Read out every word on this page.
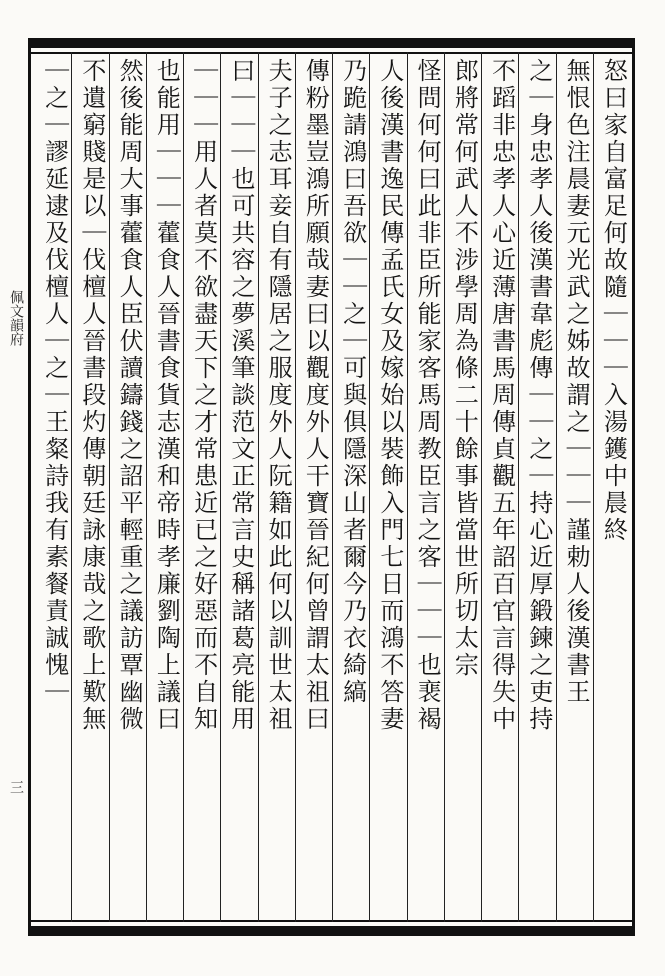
佩文韻府
三
怒曰家自富足何故隨｜｜｜入湯鑊中晨終
無恨色注晨妻元光武之姊故謂之｜｜｜謹勅人後漢書王
之｜身忠孝人後漢書韋彪傳｜｜之｜持心近厚鍛鍊之吏持
不蹈非忠孝人心近薄唐書馬周傳貞觀五年詔百官言得失中
郎將常何武人不涉學周為條二十餘事皆當世所切太宗
怪問何何曰此非臣所能家客馬周教臣言之客｜｜｜也裵褐
人後漢書逸民傳孟氏女及嫁始以裝飾入門七日而鴻不答妻
乃跪請鴻曰吾欲｜｜之｜可與俱隱深山者爾今乃衣綺縞
傳粉墨豈鴻所願哉妻曰以觀度外人干寶晉紀何曾謂太祖曰
夫子之志耳妾自有隱居之服度外人阮籍如此何以訓世太祖
曰｜｜｜也可共容之夢溪筆談范文正常言史稱諸葛亮能用
｜｜｜用人者莫不欲盡天下之才常患近已之好惡而不自知
也能用｜｜｜藿食人晉書食貨志漢和帝時孝廉劉陶上議曰
然後能周大事藿食人臣伏讀鑄錢之詔平輕重之議訪覃幽微
不遺窮賤是以｜伐檀人晉書段灼傳朝廷詠康哉之歌上歎無
｜之｜謬延逮及伐檀人｜之｜王粲詩我有素餐責誠愧｜
